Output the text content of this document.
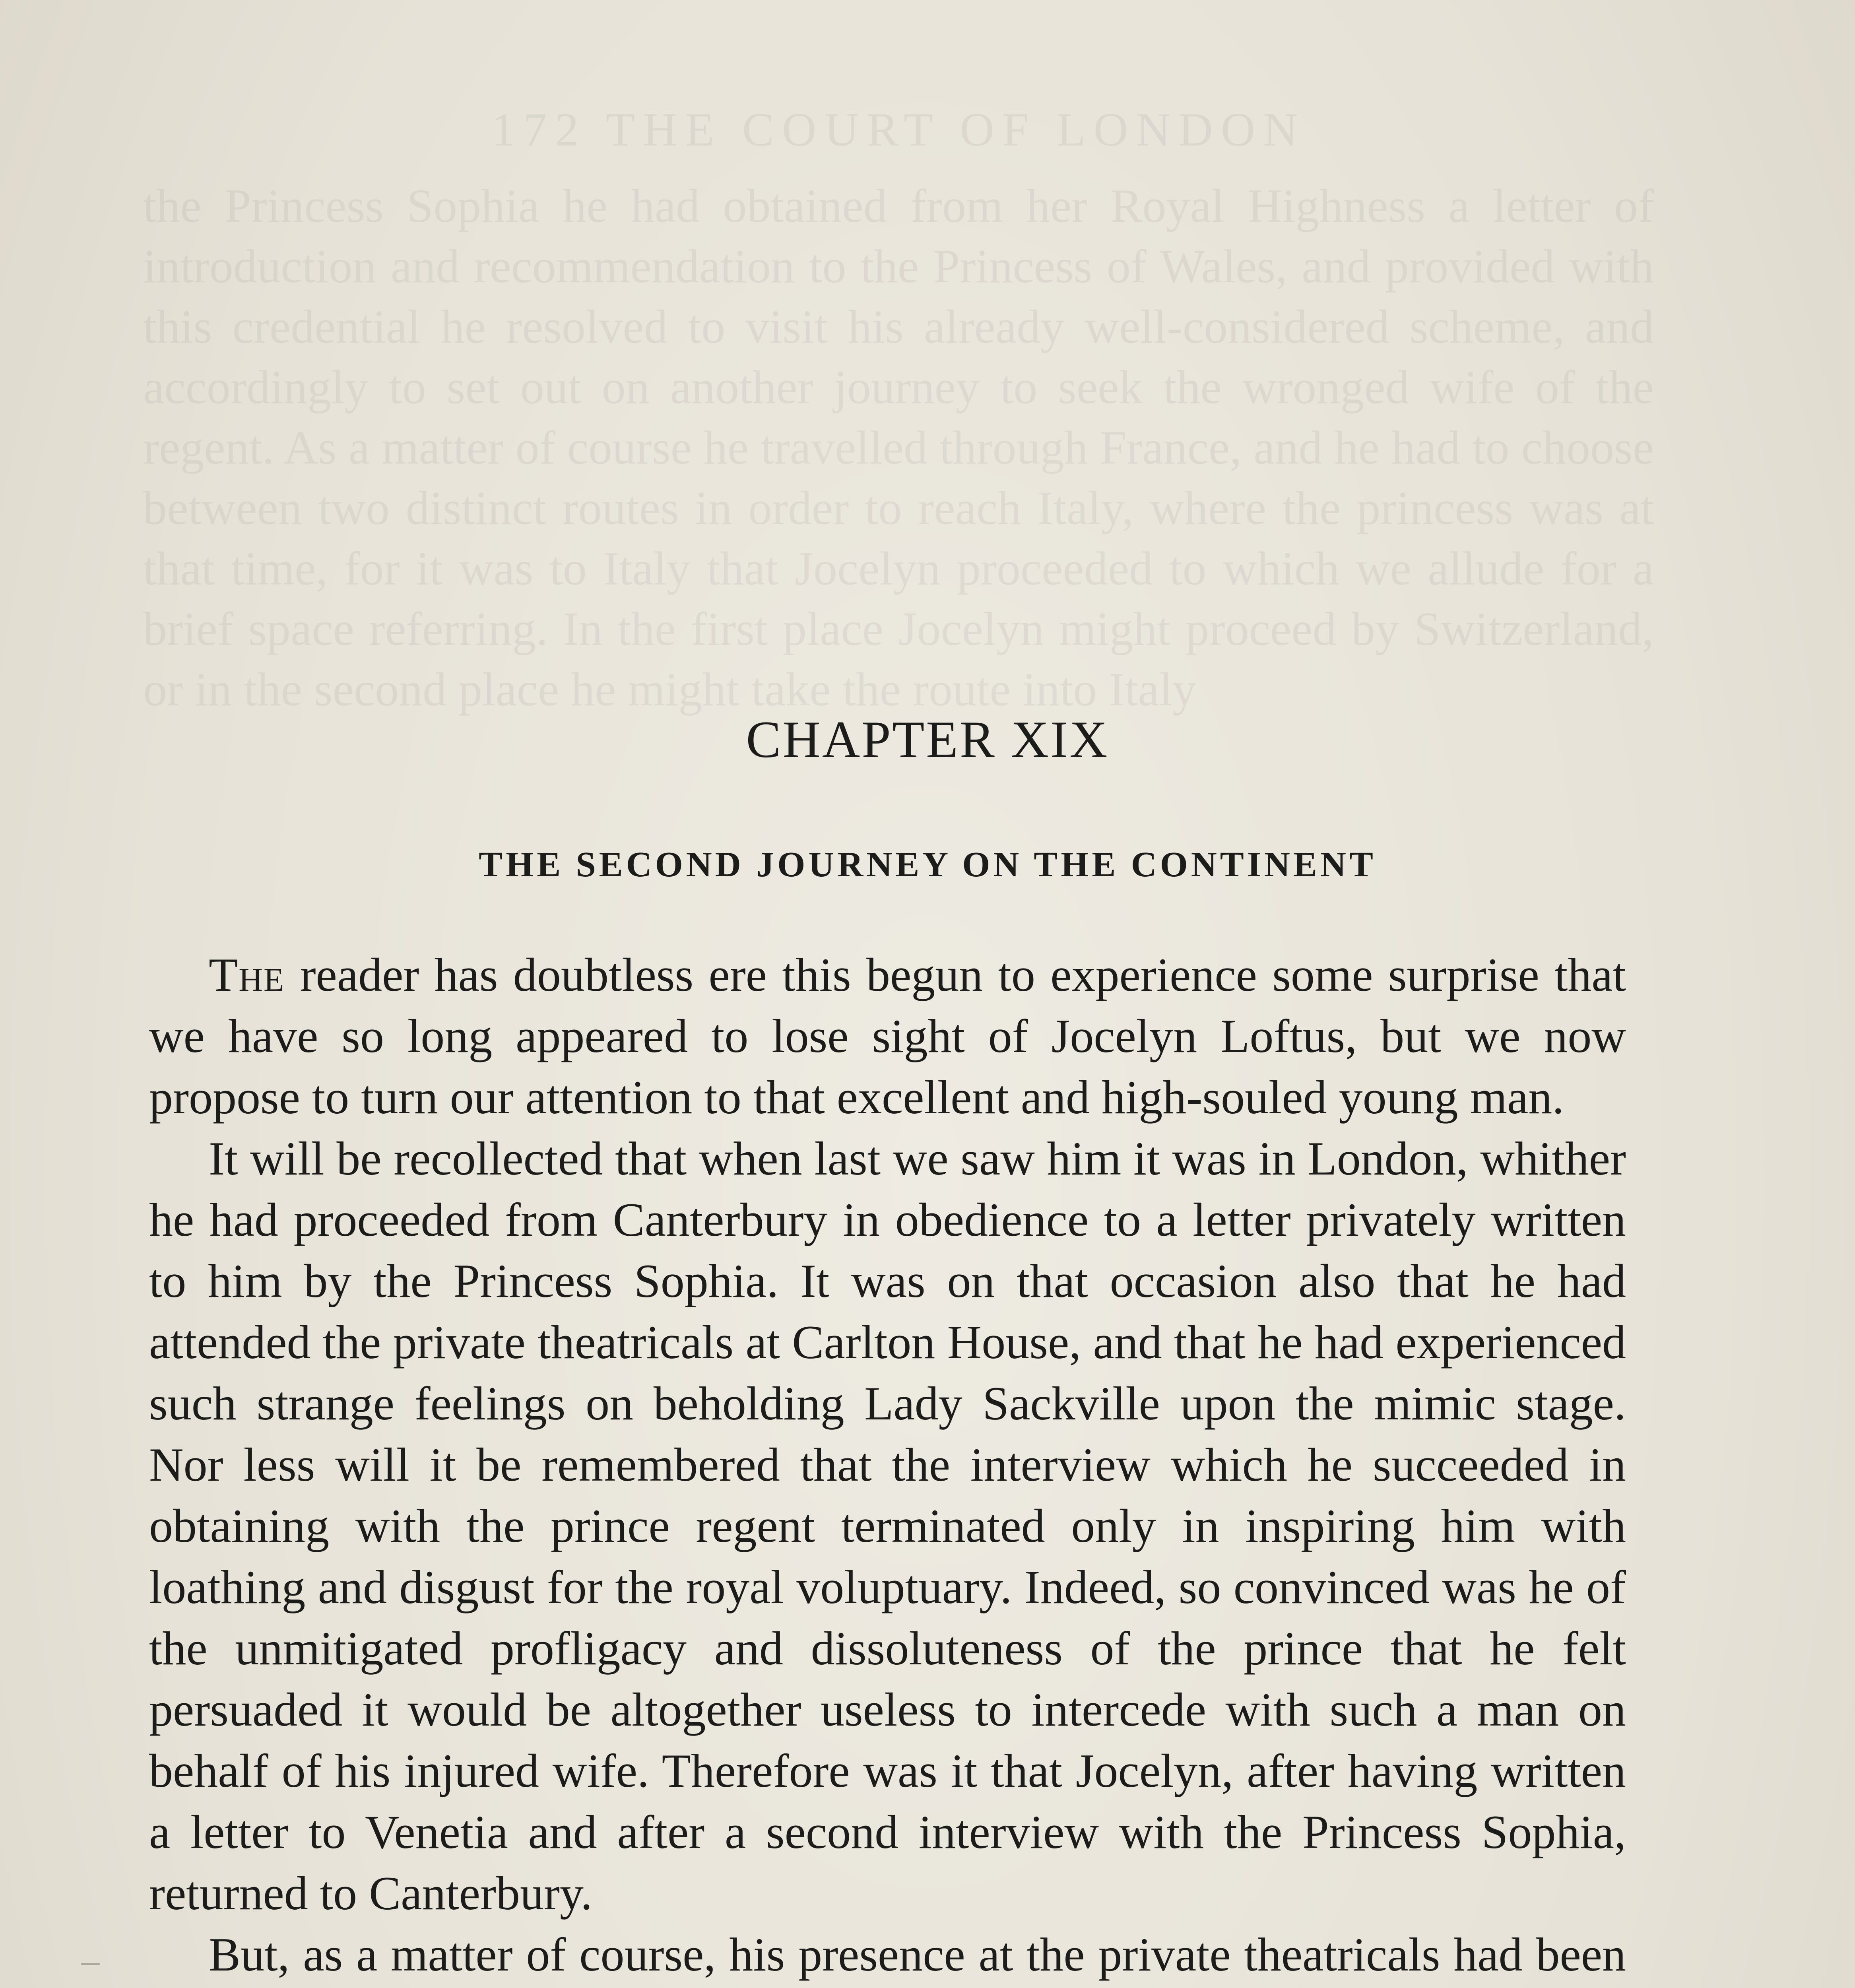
172 THE COURT OF LONDON
the Princess Sophia he had obtained from her Royal Highness a letter of introduction and recommendation to the Princess of Wales, and provided with this credential he resolved to visit his already well-considered scheme, and accordingly to set out on another journey to seek the wronged wife of the regent. As a matter of course he travelled through France, and he had to choose between two distinct routes in order to reach Italy, where the princess was at that time, for it was to Italy that Jocelyn proceeded to which we allude for a brief space referring. In the first place Jocelyn might proceed by Switzerland, or in the second place he might take the route into Italy
CHAPTER XIX
THE SECOND JOURNEY ON THE CONTINENT

The reader has doubtless ere this begun to experience some surprise that we have so long appeared to lose sight of Jocelyn Loftus, but we now propose to turn our attention to that excellent and high-souled young man.

It will be recollected that when last we saw him it was in London, whither he had proceeded from Canterbury in obedience to a letter privately written to him by the Princess Sophia. It was on that occasion also that he had attended the private theatricals at Carlton House, and that he had experienced such strange feelings on beholding Lady Sackville upon the mimic stage. Nor less will it be remembered that the interview which he succeeded in obtaining with the prince regent terminated only in inspiring him with loathing and disgust for the royal voluptuary. Indeed, so convinced was he of the unmitigated profligacy and dissoluteness of the prince that he felt persuaded it would be altogether useless to intercede with such a man on behalf of his injured wife. Therefore was it that Jocelyn, after having written a letter to Venetia and after a second interview with the Princess Sophia, returned to Canterbury.

But, as a matter of course, his presence at the private theatricals had been

–
